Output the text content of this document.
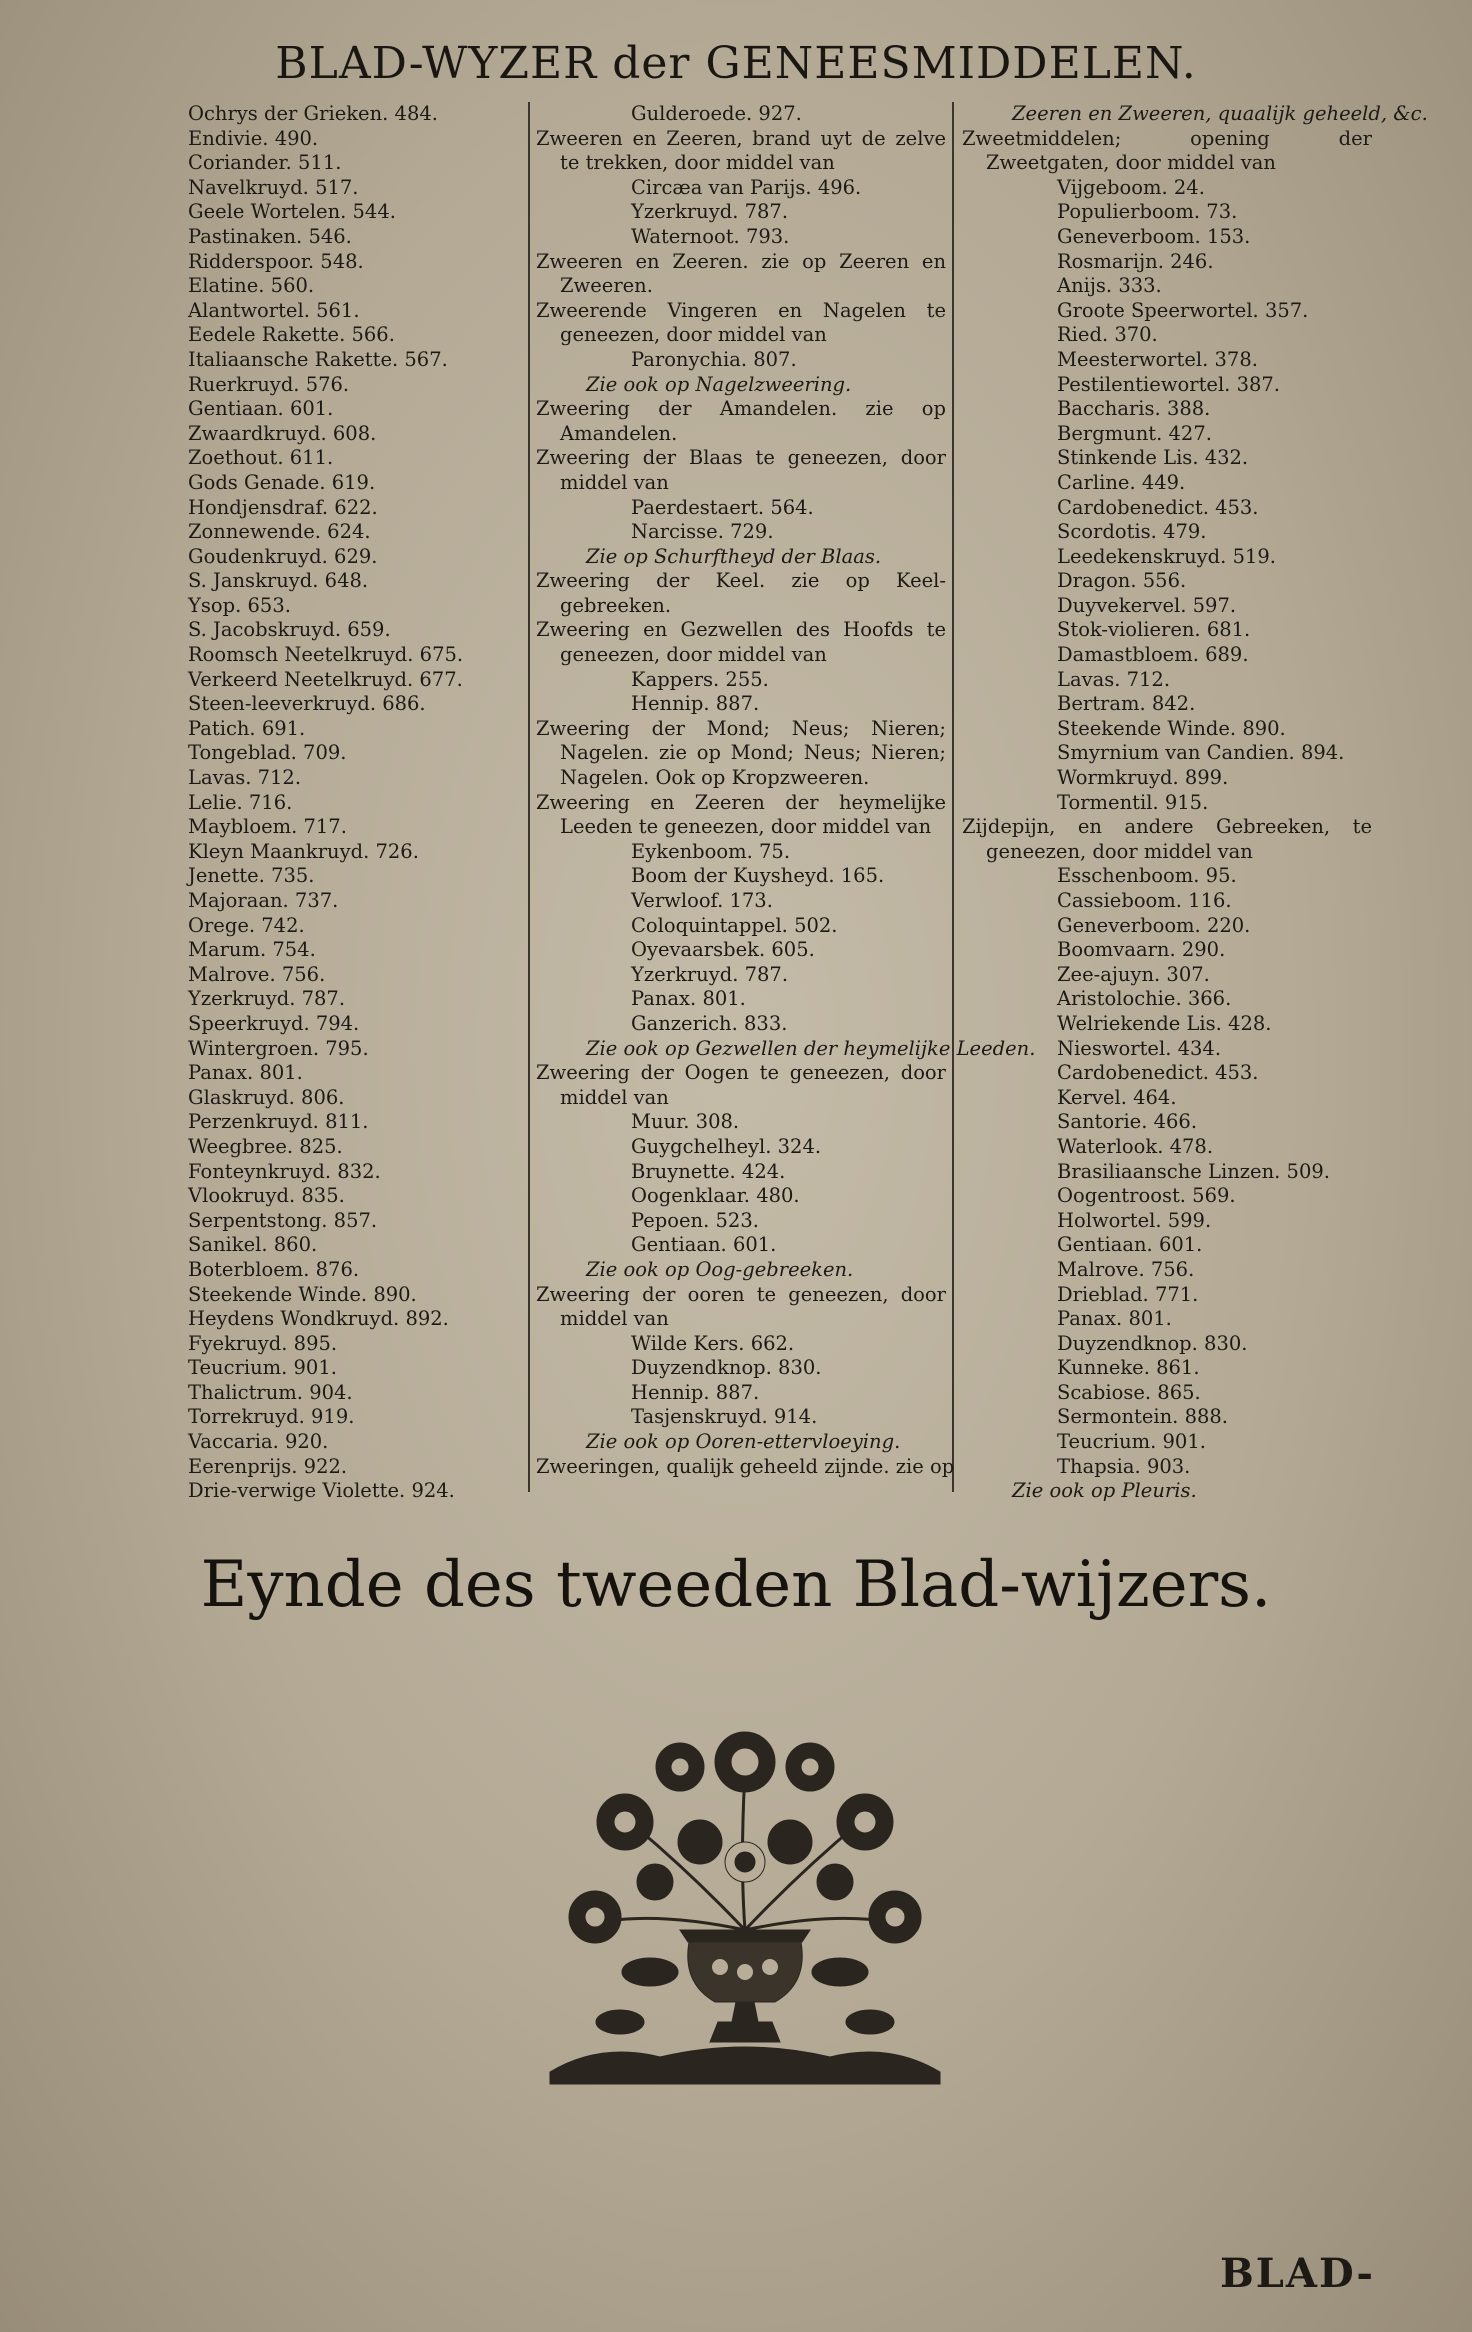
BLAD-WYZER der GENEESMIDDELEN.
Ochrys der Grieken. 484.
Endivie. 490.
Coriander. 511.
Navelkruyd. 517.
Geele Wortelen. 544.
Pastinaken. 546.
Ridderspoor. 548.
Elatine. 560.
Alantwortel. 561.
Eedele Rakette. 566.
Italiaansche Rakette. 567.
Ruerkruyd. 576.
Gentiaan. 601.
Zwaardkruyd. 608.
Zoethout. 611.
Gods Genade. 619.
Hondjensdraf. 622.
Zonnewende. 624.
Goudenkruyd. 629.
S. Janskruyd. 648.
Ysop. 653.
S. Jacobskruyd. 659.
Roomsch Neetelkruyd. 675.
Verkeerd Neetelkruyd. 677.
Steen-leeverkruyd. 686.
Patich. 691.
Tongeblad. 709.
Lavas. 712.
Lelie. 716.
Maybloem. 717.
Kleyn Maankruyd. 726.
Jenette. 735.
Majoraan. 737.
Orege. 742.
Marum. 754.
Malrove. 756.
Yzerkruyd. 787.
Speerkruyd. 794.
Wintergroen. 795.
Panax. 801.
Glaskruyd. 806.
Perzenkruyd. 811.
Weegbree. 825.
Fonteynkruyd. 832.
Vlookruyd. 835.
Serpentstong. 857.
Sanikel. 860.
Boterbloem. 876.
Steekende Winde. 890.
Heydens Wondkruyd. 892.
Fyekruyd. 895.
Teucrium. 901.
Thalictrum. 904.
Torrekruyd. 919.
Vaccaria. 920.
Eerenprijs. 922.
Drie-verwige Violette. 924.
Gulderoede. 927.
Zweeren en Zeeren, brand uyt de zelve te trekken, door middel van
Circæa van Parijs. 496.
Yzerkruyd. 787.
Waternoot. 793.
Zweeren en Zeeren. zie op Zeeren en Zweeren.
Zweerende Vingeren en Nagelen te geneezen, door middel van
Paronychia. 807.
Zie ook op Nagelzweering.
Zweering der Amandelen. zie op Amandelen.
Zweering der Blaas te geneezen, door middel van
Paerdestaert. 564.
Narcisse. 729.
Zie op Schurftheyd der Blaas.
Zweering der Keel. zie op Keel-gebreeken.
Zweering en Gezwellen des Hoofds te geneezen, door middel van
Kappers. 255.
Hennip. 887.
Zweering der Mond; Neus; Nieren; Nagelen. zie op Mond; Neus; Nieren; Nagelen. Ook op Kropzweeren.
Zweering en Zeeren der heymelijke Leeden te geneezen, door middel van
Eykenboom. 75.
Boom der Kuysheyd. 165.
Verwloof. 173.
Coloquintappel. 502.
Oyevaarsbek. 605.
Yzerkruyd. 787.
Panax. 801.
Ganzerich. 833.
Zie ook op Gezwellen der heymelijke Leeden.
Zweering der Oogen te geneezen, door middel van
Muur. 308.
Guygchelheyl. 324.
Bruynette. 424.
Oogenklaar. 480.
Pepoen. 523.
Gentiaan. 601.
Zie ook op Oog-gebreeken.
Zweering der ooren te geneezen, door middel van
Wilde Kers. 662.
Duyzendknop. 830.
Hennip. 887.
Tasjenskruyd. 914.
Zie ook op Ooren-ettervloeying.
Zweeringen, qualijk geheeld zijnde. zie op
Zeeren en Zweeren, quaalijk geheeld, &c.
Zweetmiddelen; opening der Zweetgaten, door middel van
Vijgeboom. 24.
Populierboom. 73.
Geneverboom. 153.
Rosmarijn. 246.
Anijs. 333.
Groote Speerwortel. 357.
Ried. 370.
Meesterwortel. 378.
Pestilentiewortel. 387.
Baccharis. 388.
Bergmunt. 427.
Stinkende Lis. 432.
Carline. 449.
Cardobenedict. 453.
Scordotis. 479.
Leedekenskruyd. 519.
Dragon. 556.
Duyvekervel. 597.
Stok-violieren. 681.
Damastbloem. 689.
Lavas. 712.
Bertram. 842.
Steekende Winde. 890.
Smyrnium van Candien. 894.
Wormkruyd. 899.
Tormentil. 915.
Zijdepijn, en andere Gebreeken, te geneezen, door middel van
Esschenboom. 95.
Cassieboom. 116.
Geneverboom. 220.
Boomvaarn. 290.
Zee-ajuyn. 307.
Aristolochie. 366.
Welriekende Lis. 428.
Nieswortel. 434.
Cardobenedict. 453.
Kervel. 464.
Santorie. 466.
Waterlook. 478.
Brasiliaansche Linzen. 509.
Oogentroost. 569.
Holwortel. 599.
Gentiaan. 601.
Malrove. 756.
Drieblad. 771.
Panax. 801.
Duyzendknop. 830.
Kunneke. 861.
Scabiose. 865.
Sermontein. 888.
Teucrium. 901.
Thapsia. 903.
Zie ook op Pleuris.
Eynde des tweeden Blad-wijzers.
BLAD-
